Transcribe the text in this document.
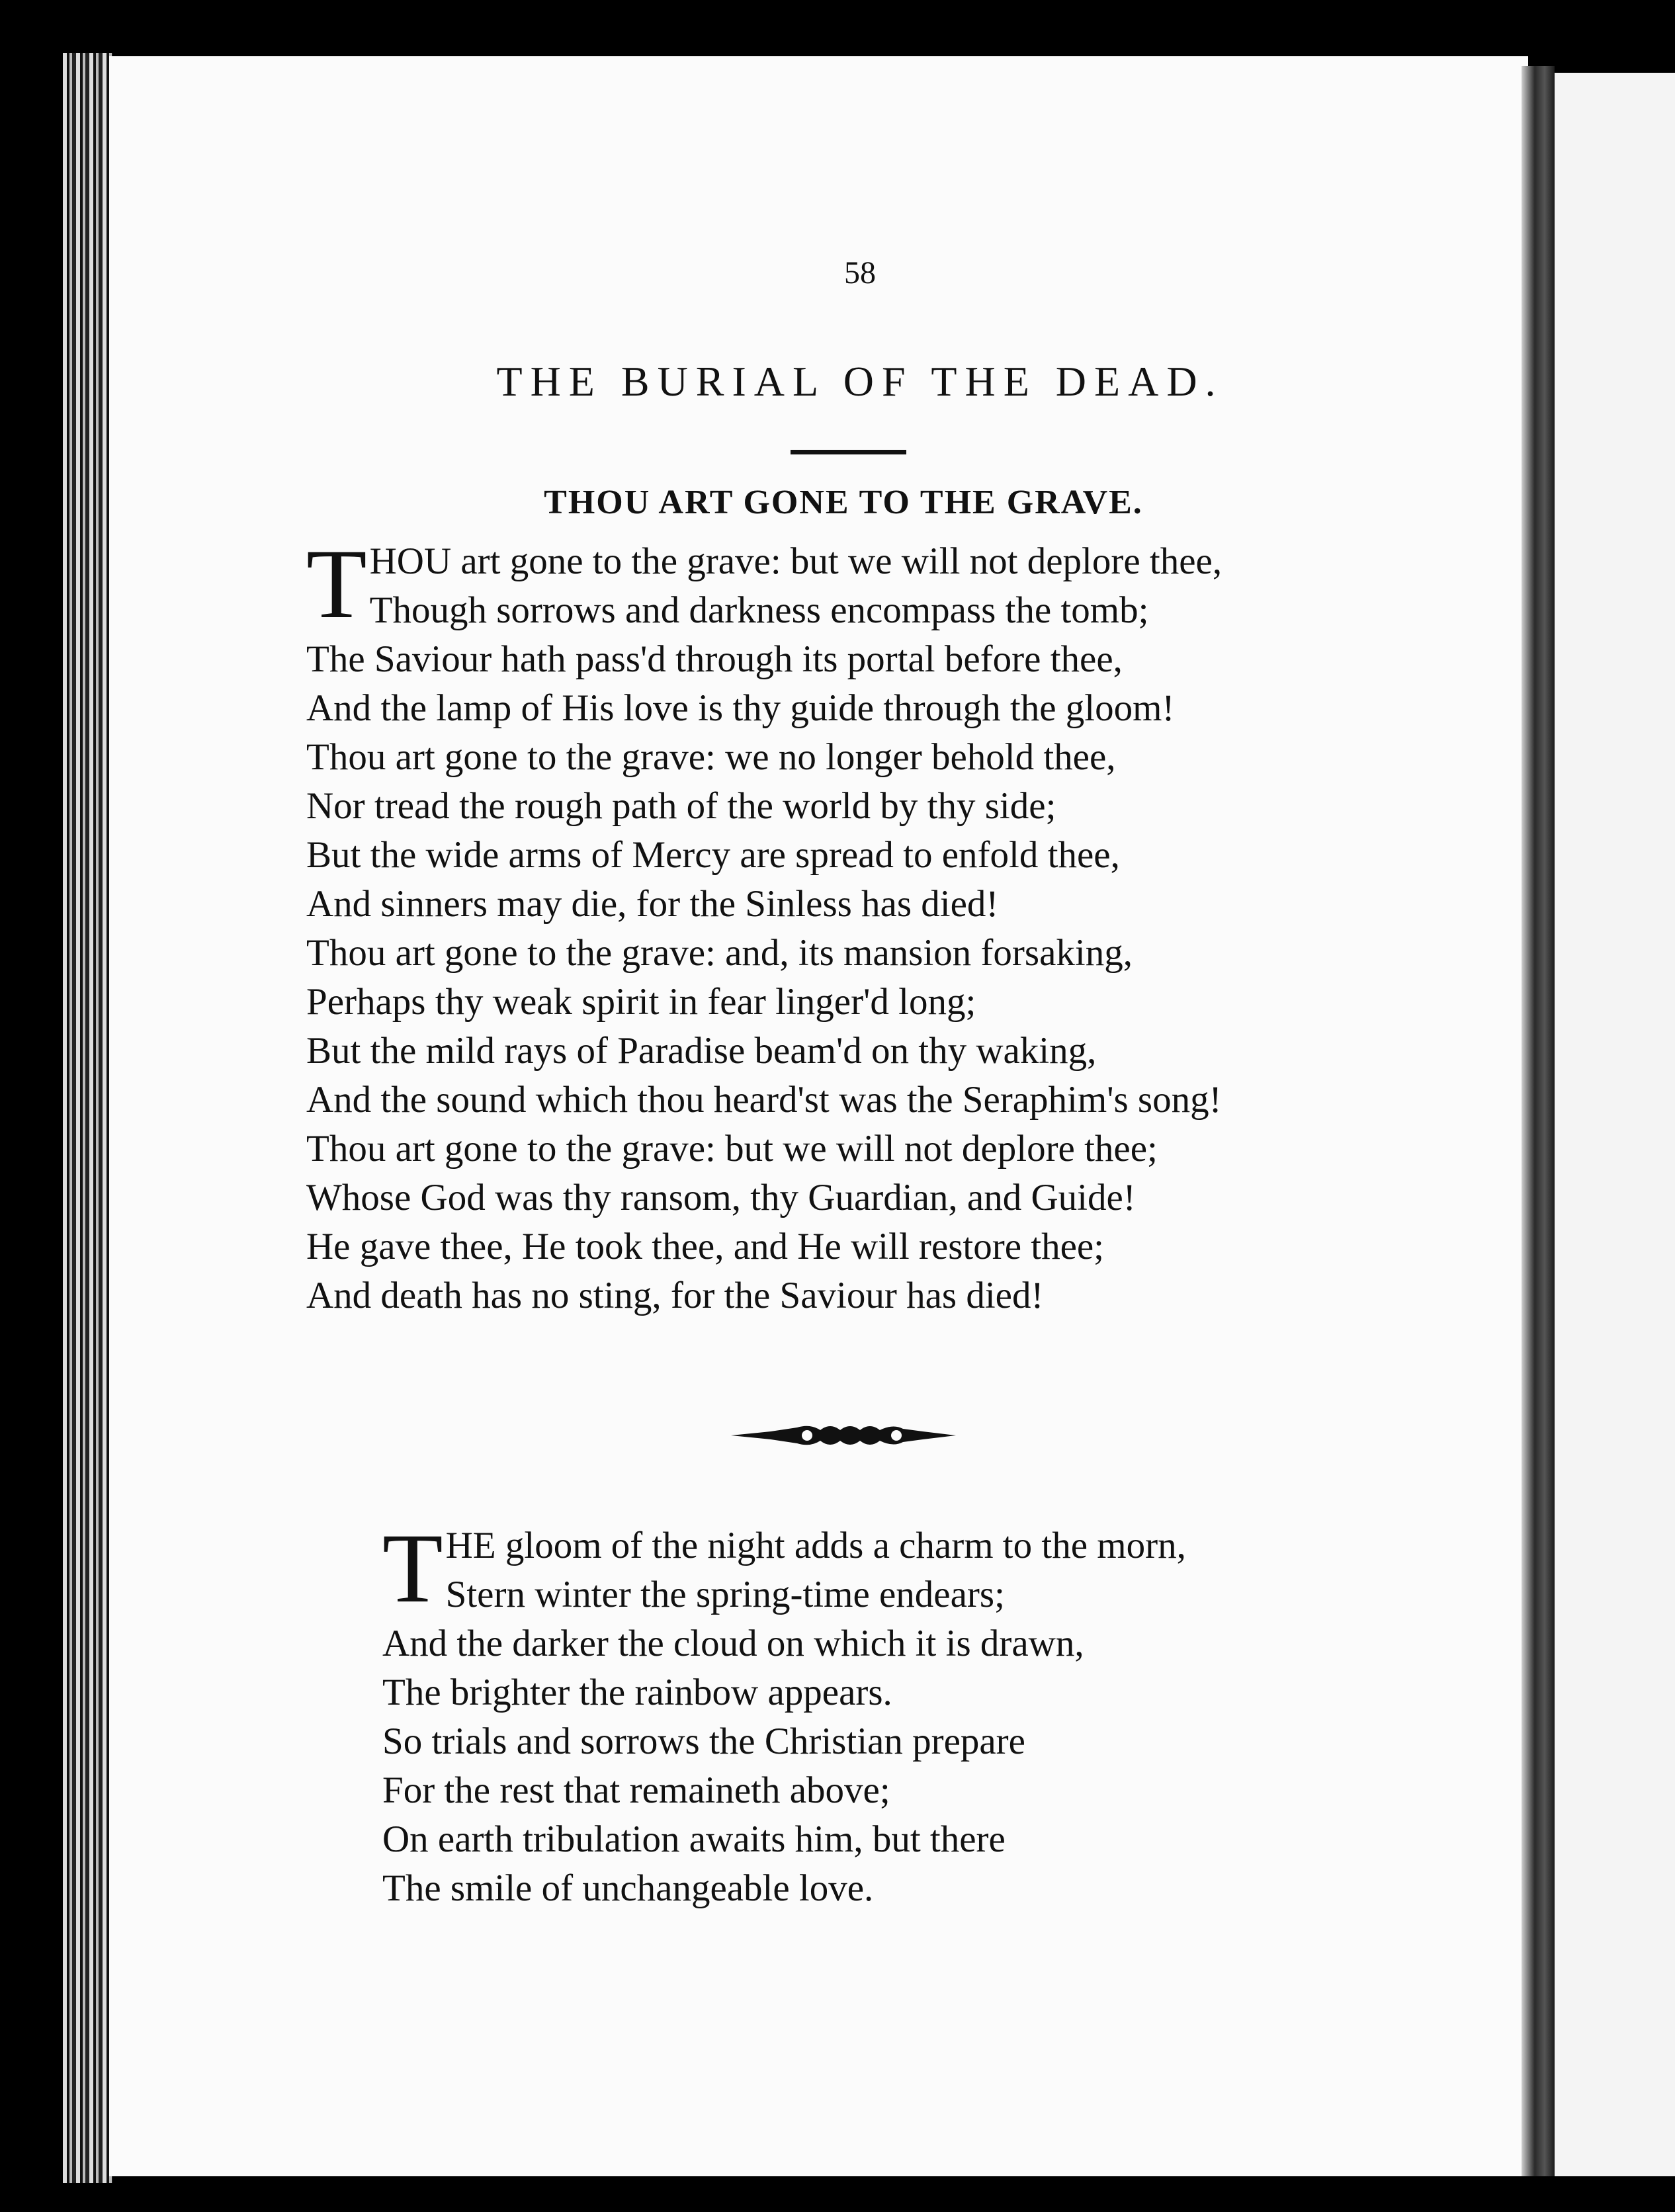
58
THE BURIAL OF THE DEAD.
THOU ART GONE TO THE GRAVE.
T HOU art gone to the grave: but we will not deplore thee,
Though sorrows and darkness encompass the tomb;
The Saviour hath pass'd through its portal before thee,
And the lamp of His love is thy guide through the gloom!
Thou art gone to the grave: we no longer behold thee,
Nor tread the rough path of the world by thy side;
But the wide arms of Mercy are spread to enfold thee,
And sinners may die, for the Sinless has died!
Thou art gone to the grave: and, its mansion forsaking,
Perhaps thy weak spirit in fear linger'd long;
But the mild rays of Paradise beam'd on thy waking,
And the sound which thou heard'st was the Seraphim's song!
Thou art gone to the grave: but we will not deplore thee;
Whose God was thy ransom, thy Guardian, and Guide!
He gave thee, He took thee, and He will restore thee;
And death has no sting, for the Saviour has died!
T HE gloom of the night adds a charm to the morn,
Stern winter the spring-time endears;
And the darker the cloud on which it is drawn,
The brighter the rainbow appears.
So trials and sorrows the Christian prepare
For the rest that remaineth above;
On earth tribulation awaits him, but there
The smile of unchangeable love.
